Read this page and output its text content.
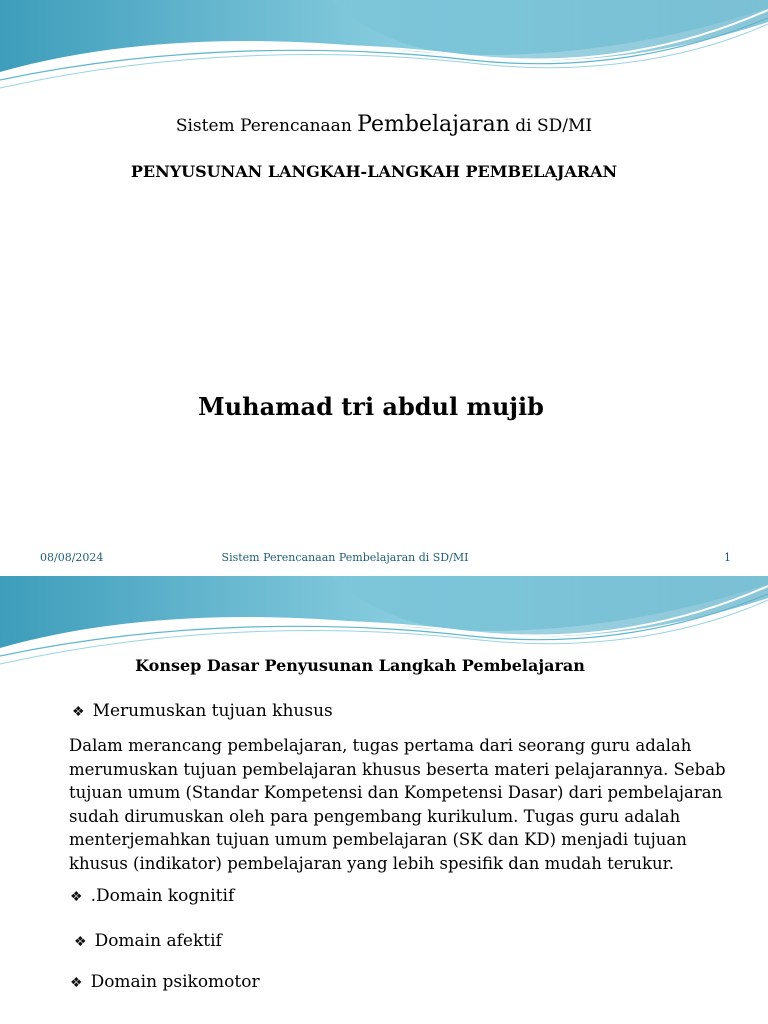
Sistem Perencanaan Pembelajaran di SD/MI
PENYUSUNAN LANGKAH-LANGKAH PEMBELAJARAN
Muhamad tri abdul mujib
08/08/2024	Sistem Perencanaan Pembelajaran di SD/MI	1
Konsep Dasar Penyusunan Langkah Pembelajaran
❖ Merumuskan tujuan khusus

Dalam merancang pembelajaran, tugas pertama dari seorang guru adalah merumuskan tujuan pembelajaran khusus beserta materi pelajarannya. Sebab tujuan umum (Standar Kompetensi dan Kompetensi Dasar) dari pembelajaran sudah dirumuskan oleh para pengembang kurikulum. Tugas guru adalah menterjemahkan tujuan umum pembelajaran (SK dan KD) menjadi tujuan khusus (indikator) pembelajaran yang lebih spesifik dan mudah terukur.

❖ .Domain kognitif
❖ Domain afektif
❖ Domain psikomotor
